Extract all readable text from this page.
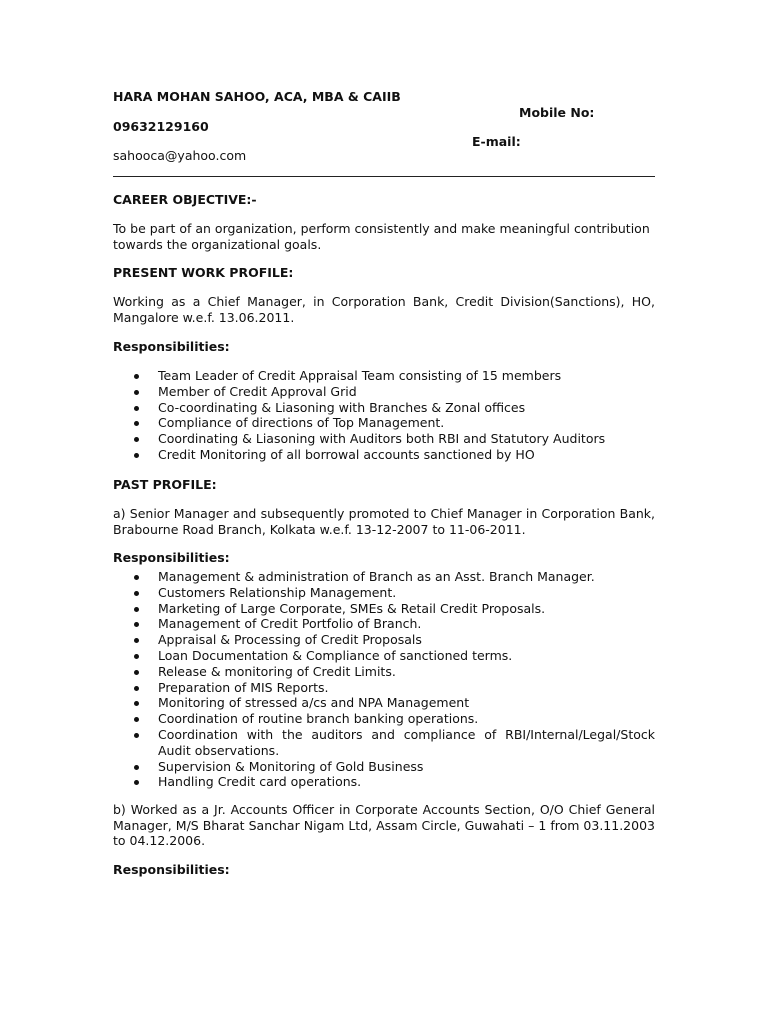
HARA MOHAN SAHOO, ACA, MBA & CAIIB
Mobile No:
09632129160
E-mail:
sahooca@yahoo.com
CAREER OBJECTIVE:-
To be part of an organization, perform consistently and make meaningful contribution towards the organizational goals.
PRESENT WORK PROFILE:
Working as a Chief Manager, in Corporation Bank, Credit Division(Sanctions), HO, Mangalore w.e.f. 13.06.2011.
Responsibilities:
Team Leader of Credit Appraisal Team consisting of 15 members
Member of Credit Approval Grid
Co-coordinating & Liasoning with Branches & Zonal offices
Compliance of directions of Top Management.
Coordinating & Liasoning with Auditors both RBI and Statutory Auditors
Credit Monitoring of all borrowal accounts sanctioned by HO
PAST PROFILE:
a) Senior Manager and subsequently promoted to Chief Manager in Corporation Bank, Brabourne Road Branch, Kolkata w.e.f. 13-12-2007 to 11-06-2011.
Responsibilities:
Management & administration of Branch as an Asst. Branch Manager.
Customers Relationship Management.
Marketing of Large Corporate, SMEs & Retail Credit Proposals.
Management of Credit Portfolio of Branch.
Appraisal & Processing of Credit Proposals
Loan Documentation & Compliance of sanctioned terms.
Release & monitoring of Credit Limits.
Preparation of MIS Reports.
Monitoring of stressed a/cs and NPA Management
Coordination of routine branch banking operations.
Coordination with the auditors and compliance of RBI/Internal/Legal/Stock Audit observations.
Supervision & Monitoring of Gold Business
Handling Credit card operations.
b) Worked as a Jr. Accounts Officer in Corporate Accounts Section, O/O Chief General Manager, M/S Bharat Sanchar Nigam Ltd, Assam Circle, Guwahati – 1 from 03.11.2003 to 04.12.2006.
Responsibilities:
